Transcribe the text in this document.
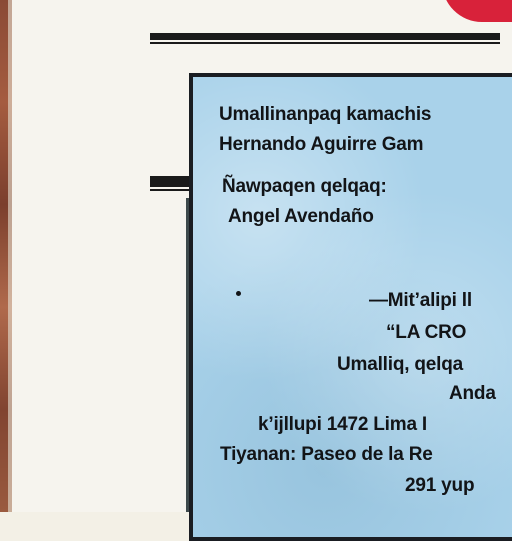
Umallinanpaq kamachis
Hernando Aguirre Gam
Ñawpaqen qelqaq:
Angel Avendaño
—Mit’alipi ll
“LA CRO
Umalliq, qelqa
Anda
k’ijllupi 1472 Lima I
Tiyanan: Paseo de la Re
291 yup
